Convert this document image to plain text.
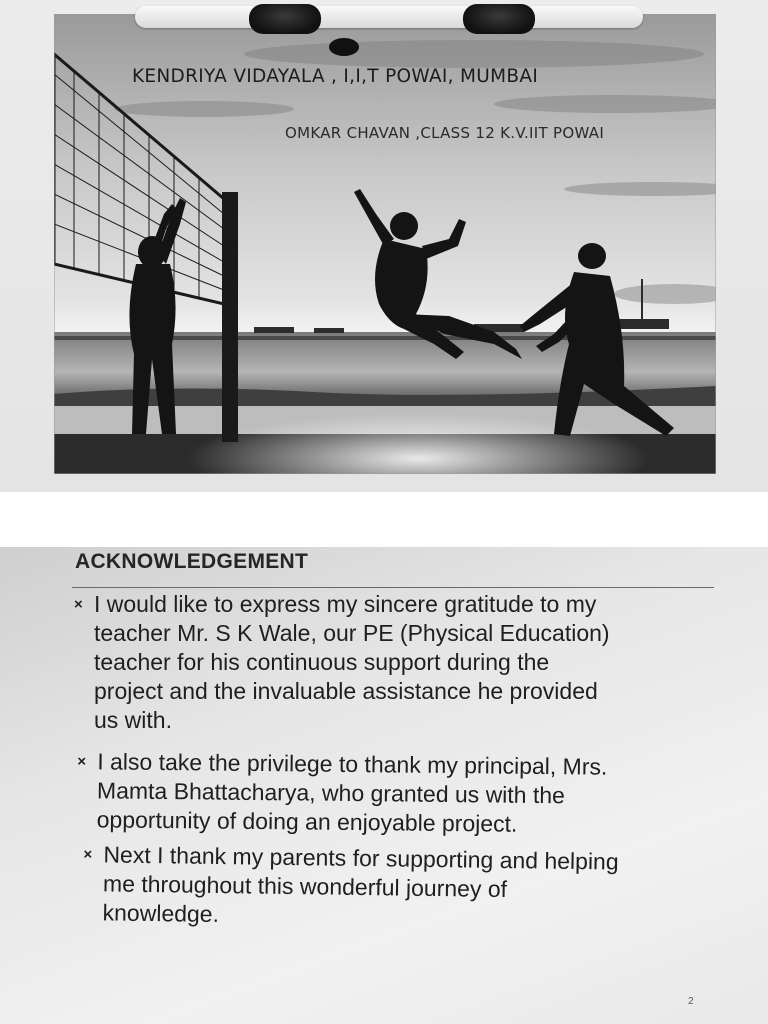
KENDRIYA VIDAYALA , I,I,T POWAI, MUMBAI
OMKAR CHAVAN ,CLASS 12 K.V.IIT POWAI
ACKNOWLEDGEMENT
× I would like to express my sincere gratitude to my
teacher Mr. S K Wale, our PE (Physical Education)
teacher for his continuous support during the
project and the invaluable assistance he provided
us with.
× I also take the privilege to thank my principal, Mrs.
Mamta Bhattacharya, who granted us with the
opportunity of doing an enjoyable project.
× Next I thank my parents for supporting and helping
me throughout this wonderful journey of
knowledge.
2
